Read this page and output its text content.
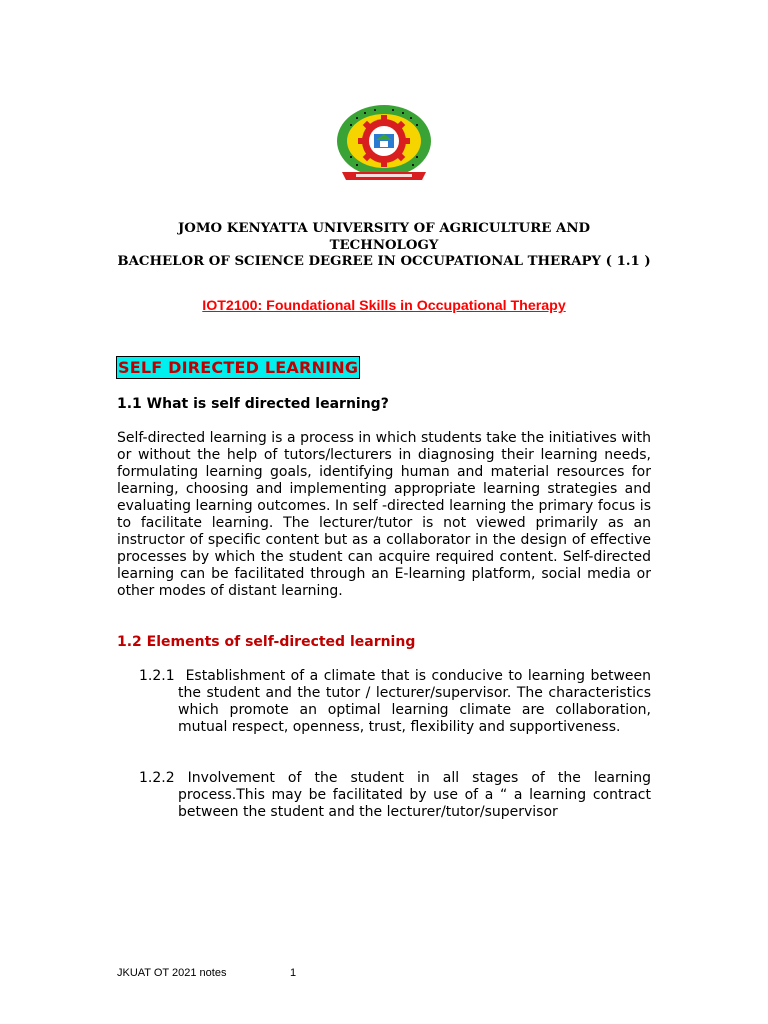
JOMO KENYATTA UNIVERSITY OF AGRICULTURE AND
TECHNOLOGY
BACHELOR OF SCIENCE DEGREE IN OCCUPATIONAL THERAPY ( 1.1 )
IOT2100: Foundational Skills in Occupational Therapy
SELF DIRECTED LEARNING
1.1 What is self directed learning?
Self-directed learning is a process in which students take the initiatives with or without the help of tutors/lecturers in diagnosing their learning needs, formulating learning goals, identifying human and material resources for learning, choosing and implementing appropriate learning strategies and evaluating learning outcomes. In self -directed learning the primary focus is to facilitate learning. The lecturer/tutor is not viewed primarily as an instructor of specific content but as a collaborator in the design of effective processes by which the student can acquire required content. Self-directed learning can be facilitated through an E-learning platform, social media or other modes of distant learning.
1.2 Elements of self-directed learning
1.2.1 Establishment of a climate that is conducive to learning between the student and the tutor / lecturer/supervisor. The characteristics which promote an optimal learning climate are collaboration, mutual respect, openness, trust, flexibility and supportiveness.
1.2.2 Involvement of the student in all stages of the learning process.This may be facilitated by use of a “ a learning contract between the student and the lecturer/tutor/supervisor
JKUAT OT 2021 notes	1
